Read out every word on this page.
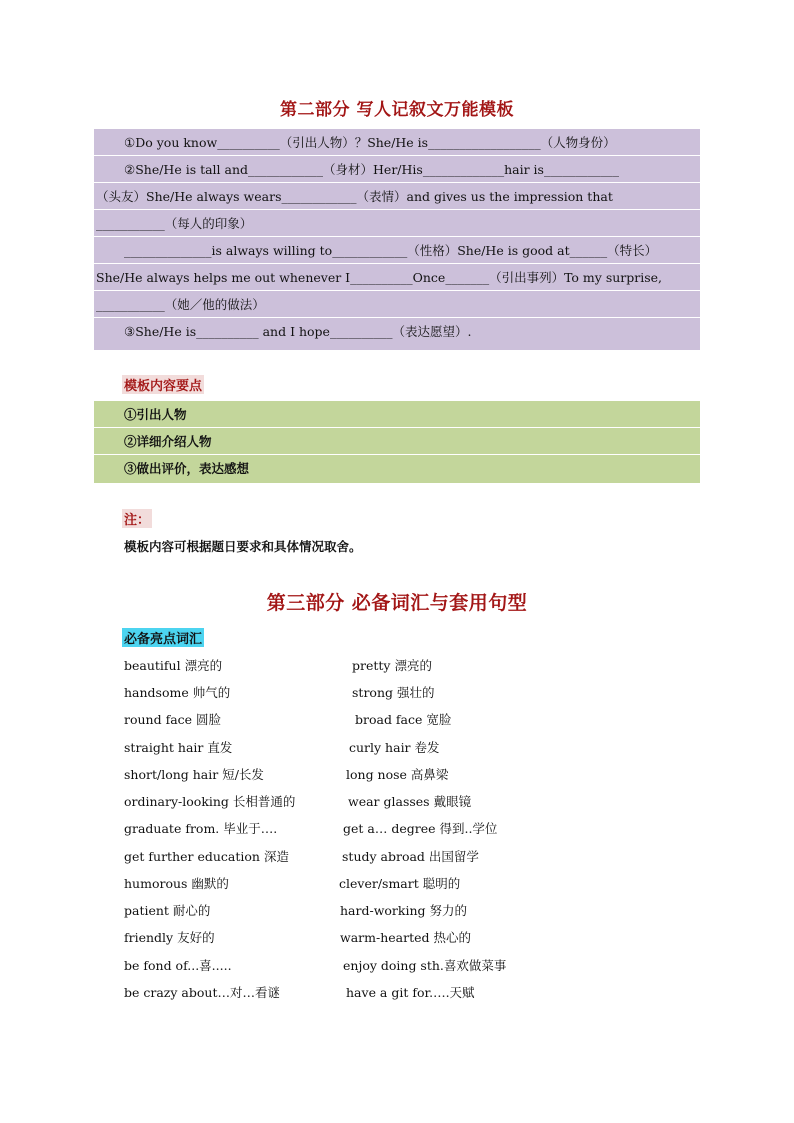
第二部分 写人记叙文万能模板
①Do you know__________（引出人物）？She/He is__________________（人物身份）
②She/He is tall and____________（身材）Her/His_____________hair is____________
（头友）She/He always wears____________（表情）and gives us the impression that
___________（每人的印象）
______________is always willing to____________（性格）She/He is good at______（特长）
She/He always helps me out whenever I__________Once_______（引出事列）To my surprise,
___________（她／他的做法）
③She/He is__________ and I hope__________（表达愿望）.
模板内容要点
①引出人物
②详细介绍人物
③做出评价，表达感想
注：
模板内容可根据题日要求和具体情况取舍。
第三部分 必备词汇与套用句型
必备亮点词汇
beautiful 漂亮的	pretty 漂亮的
handsome 帅气的	strong 强壮的
round face 圆脸	broad face 宽脸
straight hair 直发	curly hair 卷发
short/long hair 短/长发	long nose 高鼻梁
ordinary-looking 长相普通的	wear glasses 戴眼镜
graduate from. 毕业于….	get a… degree 得到..学位
get further education 深造	study abroad 出国留学
humorous 幽默的	clever/smart 聪明的
patient 耐心的	hard-working 努力的
friendly 友好的	warm-hearted 热心的
be fond of...喜.....	enjoy doing sth.喜欢做菜事
be crazy about…对…看谜	have a git for.….天赋
